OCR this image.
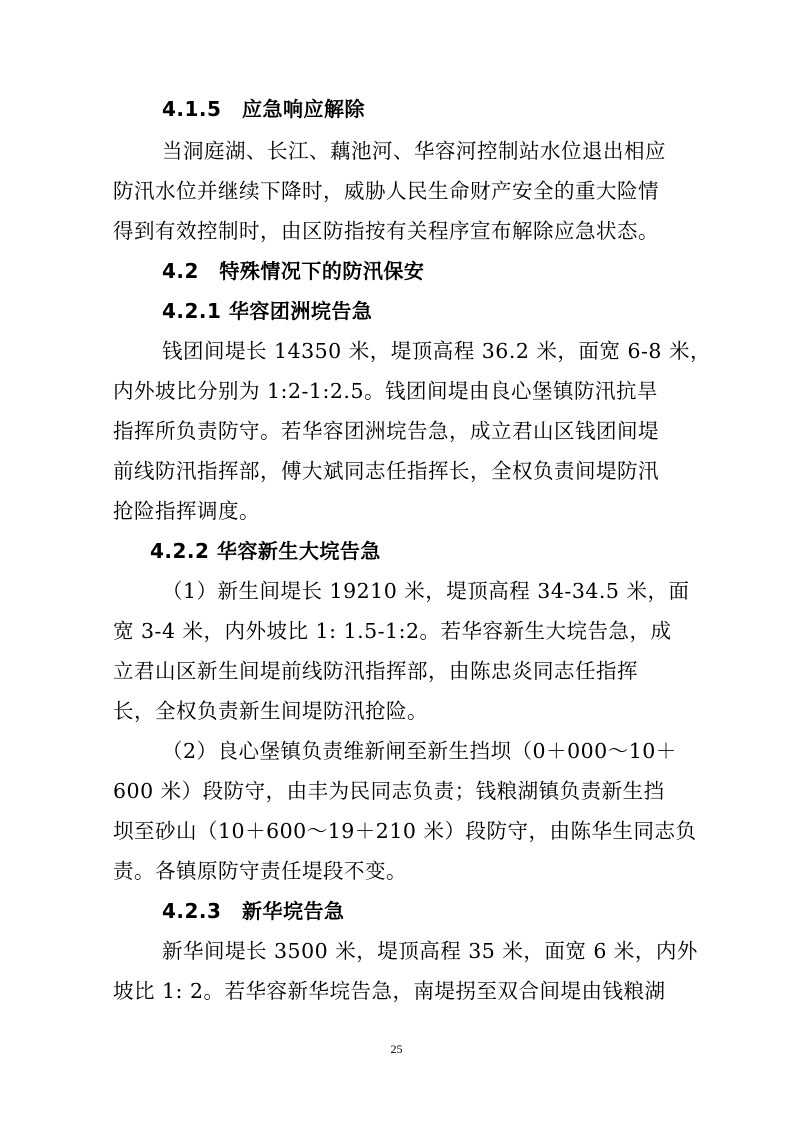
4.1.5　应急响应解除
当洞庭湖、长江、藕池河、华容河控制站水位退出相应
防汛水位并继续下降时，威胁人民生命财产安全的重大险情
得到有效控制时，由区防指按有关程序宣布解除应急状态。
4.2　特殊情况下的防汛保安
4.2.1 华容团洲垸告急
钱团间堤长 14350 米，堤顶高程 36.2 米，面宽 6-8 米，
内外坡比分别为 1:2-1:2.5。钱团间堤由良心堡镇防汛抗旱
指挥所负责防守。若华容团洲垸告急，成立君山区钱团间堤
前线防汛指挥部，傅大斌同志任指挥长，全权负责间堤防汛
抢险指挥调度。
4.2.2 华容新生大垸告急
（1）新生间堤长 19210 米，堤顶高程 34-34.5 米，面
宽 3-4 米，内外坡比 1: 1.5-1:2。若华容新生大垸告急，成
立君山区新生间堤前线防汛指挥部，由陈忠炎同志任指挥
长，全权负责新生间堤防汛抢险。
（2）良心堡镇负责维新闸至新生挡坝（0＋000～10＋
600 米）段防守，由丰为民同志负责；钱粮湖镇负责新生挡
坝至砂山（10＋600～19＋210 米）段防守，由陈华生同志负
责。各镇原防守责任堤段不变。
4.2.3　新华垸告急
新华间堤长 3500 米，堤顶高程 35 米，面宽 6 米，内外
坡比 1: 2。若华容新华垸告急，南堤拐至双合间堤由钱粮湖
25
